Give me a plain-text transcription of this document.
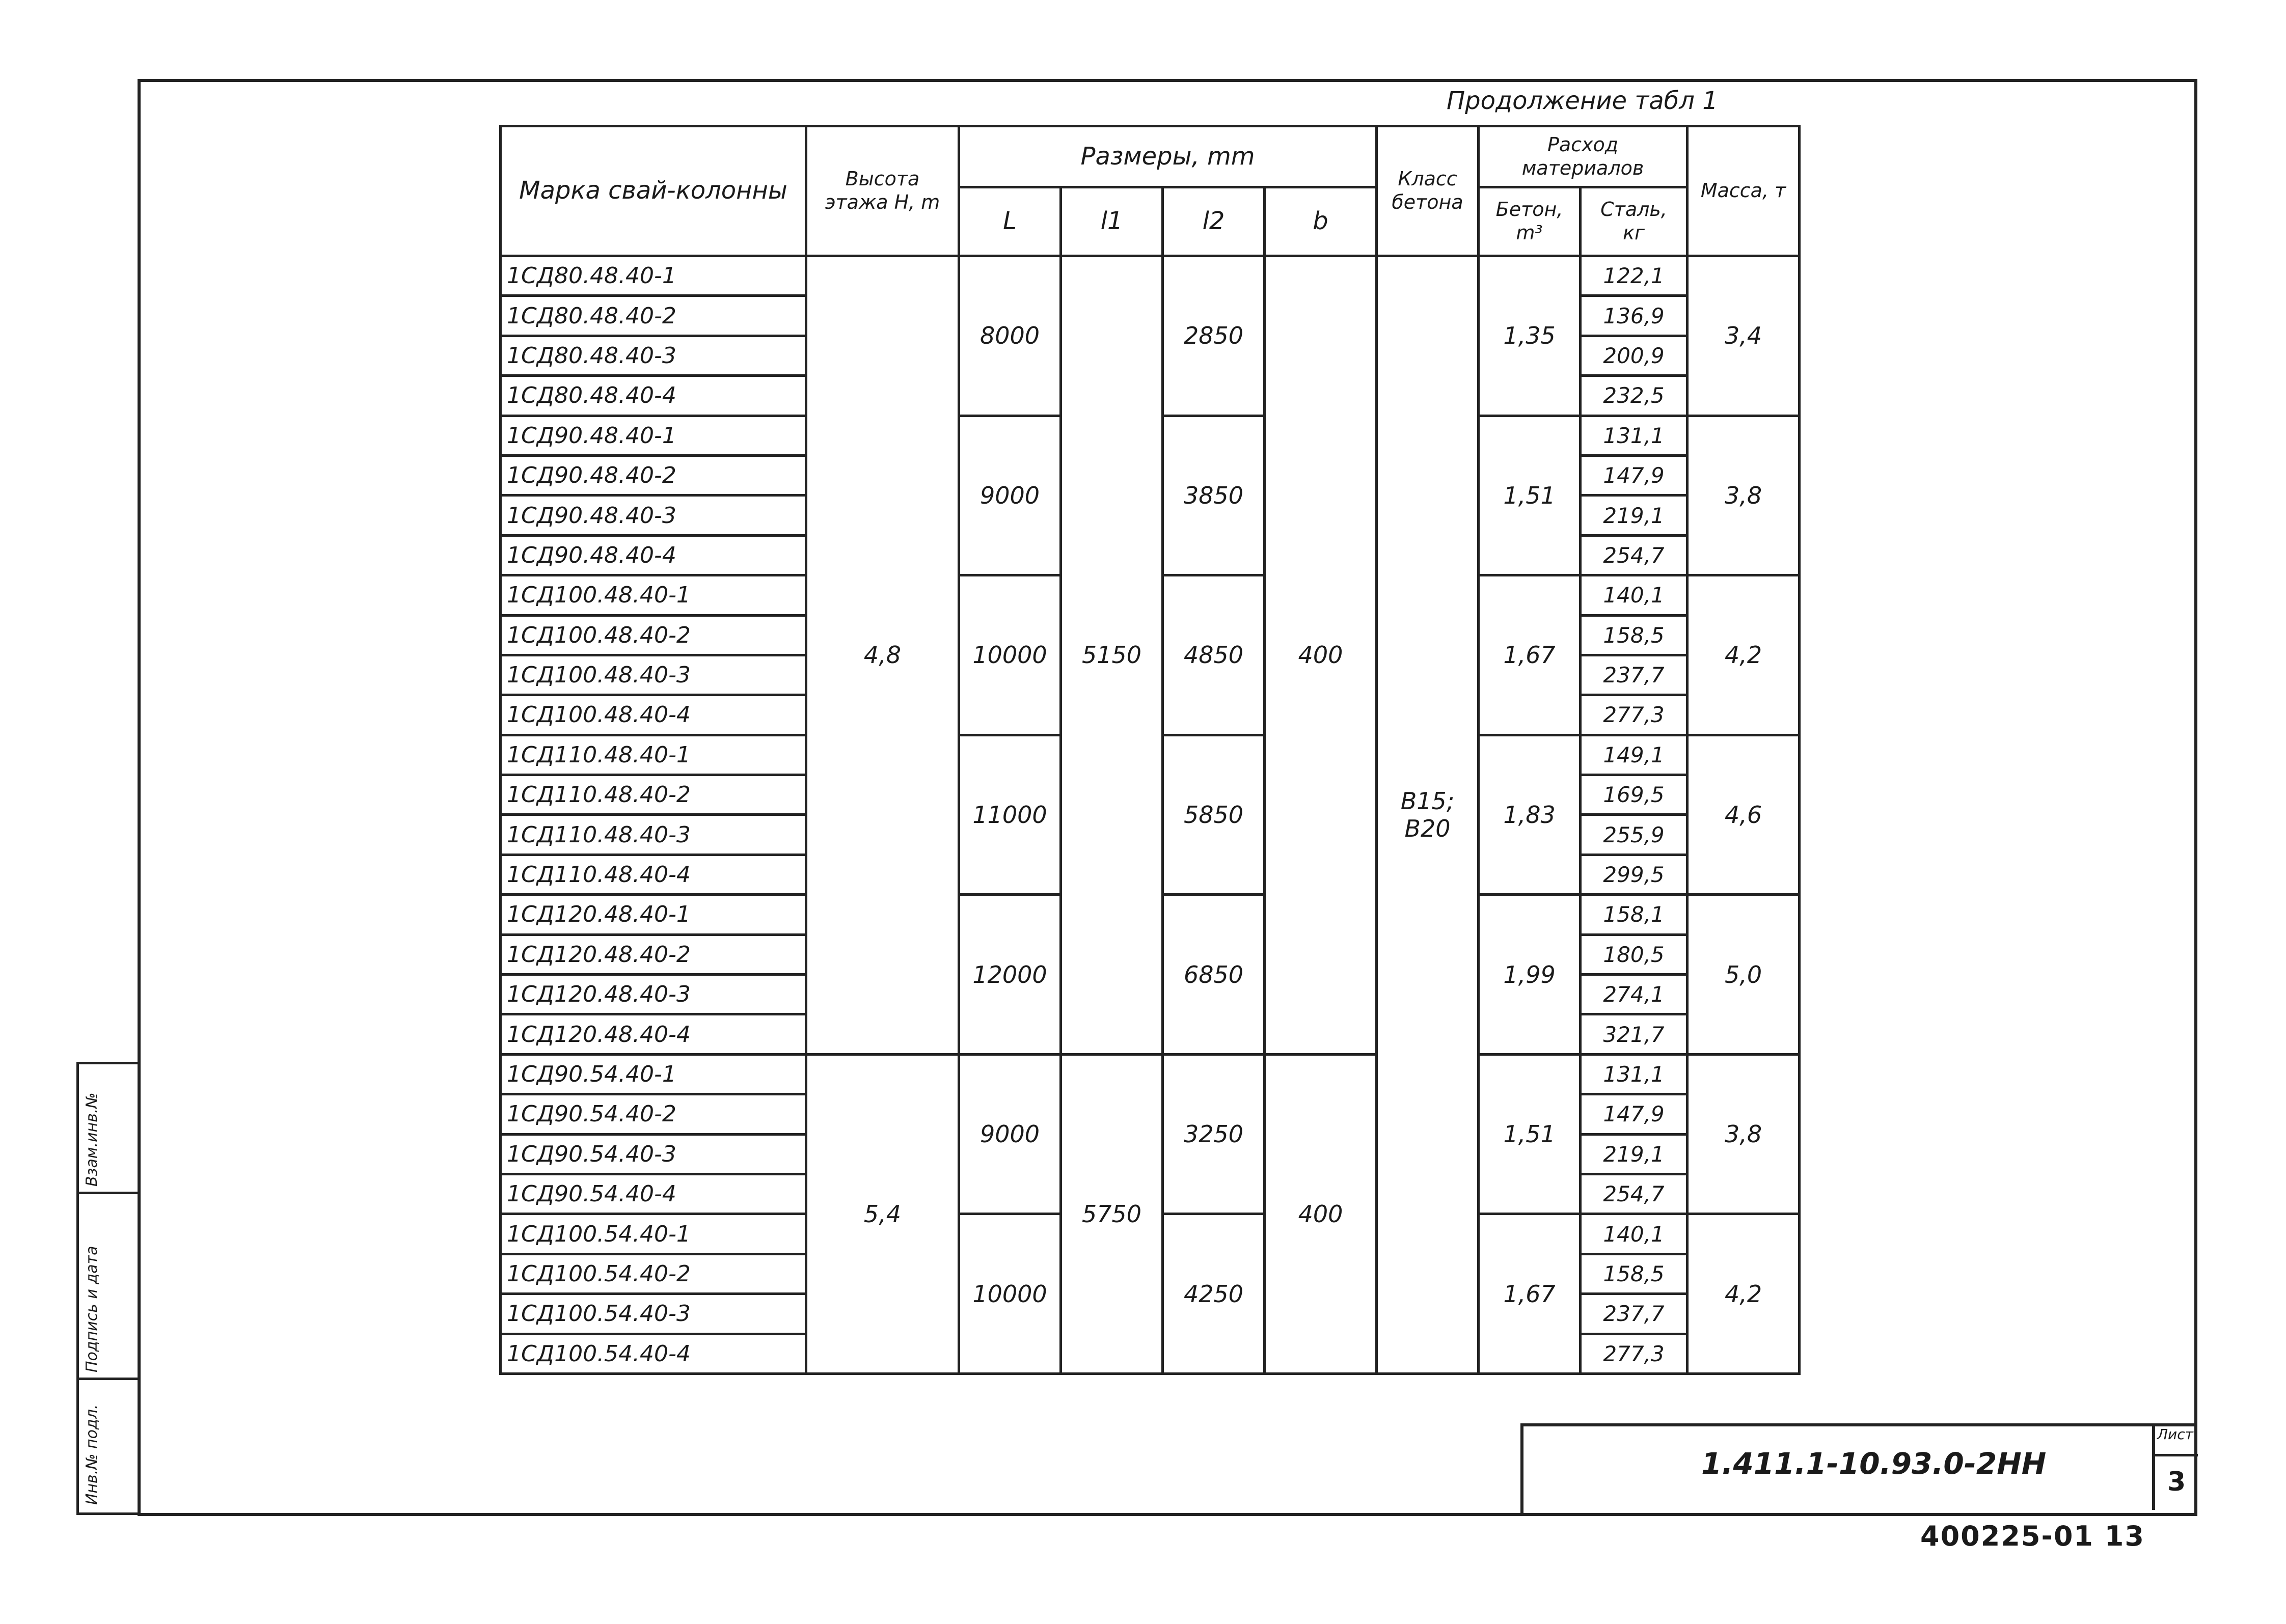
Взам.инв.№
Подпись и дата
Инв.№ подл.
Продолжение табл 1
Марка свай-колонны	Высота этажа H, m	Размеры, mm				Класс бетона	Расход материалов		Масса, т
		L	l1	l2	b		Бетон, m³	Сталь, кг	
1СД80.48.40-1	4,8	8000	5150	2850	400	B15; B20	1,35	122,1	3,4
1СД80.48.40-2								136,9	
1СД80.48.40-3								200,9	
1СД80.48.40-4								232,5	
1СД90.48.40-1		9000		3850			1,51	131,1	3,8
1СД90.48.40-2								147,9	
1СД90.48.40-3								219,1	
1СД90.48.40-4								254,7	
1СД100.48.40-1		10000		4850			1,67	140,1	4,2
1СД100.48.40-2								158,5	
1СД100.48.40-3								237,7	
1СД100.48.40-4								277,3	
1СД110.48.40-1		11000		5850			1,83	149,1	4,6
1СД110.48.40-2								169,5	
1СД110.48.40-3								255,9	
1СД110.48.40-4								299,5	
1СД120.48.40-1		12000		6850			1,99	158,1	5,0
1СД120.48.40-2								180,5	
1СД120.48.40-3								274,1	
1СД120.48.40-4								321,7	
1СД90.54.40-1	5,4	9000	5750	3250	400		1,51	131,1	3,8
1СД90.54.40-2								147,9	
1СД90.54.40-3								219,1	
1СД90.54.40-4								254,7	
1СД100.54.40-1		10000		4250			1,67	140,1	4,2
1СД100.54.40-2								158,5	
1СД100.54.40-3								237,7	
1СД100.54.40-4								277,3	
1.411.1-10.93.0-2НН
Лист
3
400225-01 13
